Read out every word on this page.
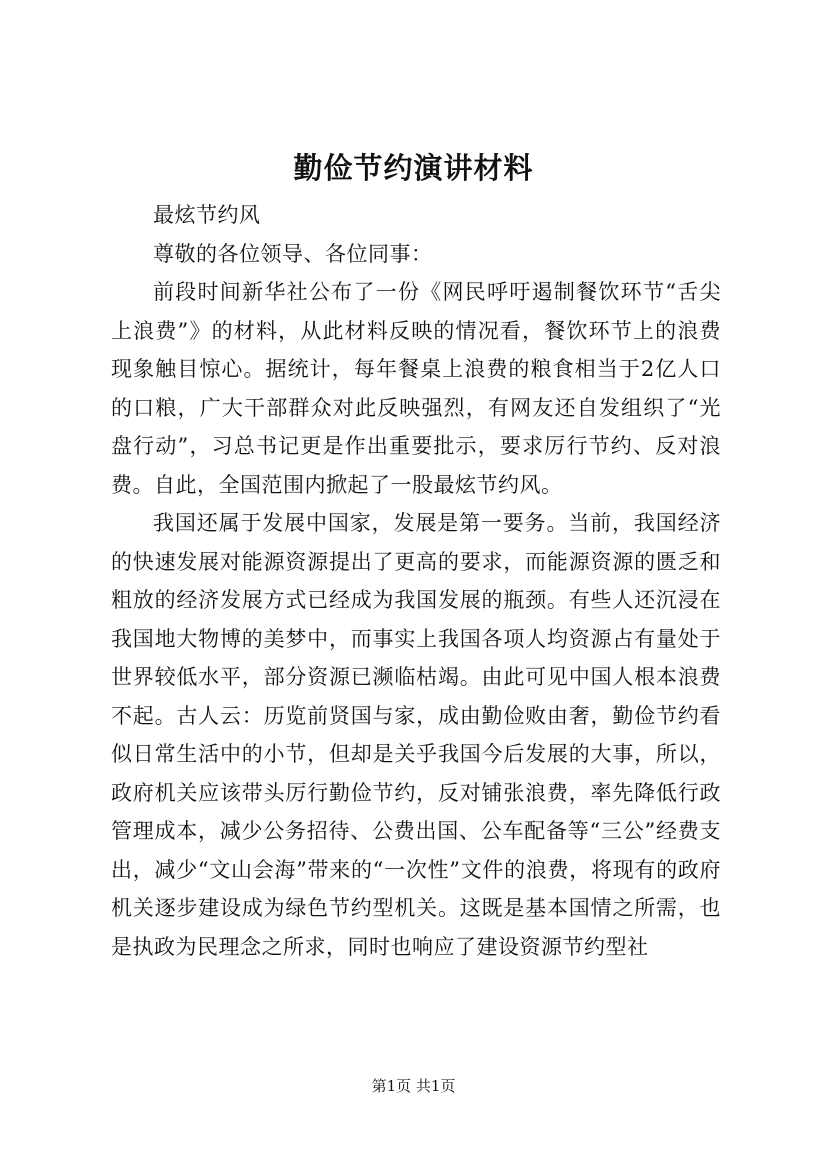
勤俭节约演讲材料

最炫节约风

尊敬的各位领导、各位同事：

前段时间新华社公布了一份《网民呼吁遏制餐饮环节“舌尖上浪费”》的材料，从此材料反映的情况看，餐饮环节上的浪费现象触目惊心。据统计，每年餐桌上浪费的粮食相当于2亿人口的口粮，广大干部群众对此反映强烈，有网友还自发组织了“光盘行动”，习总书记更是作出重要批示，要求厉行节约、反对浪费。自此，全国范围内掀起了一股最炫节约风。

我国还属于发展中国家，发展是第一要务。当前，我国经济的快速发展对能源资源提出了更高的要求，而能源资源的匮乏和粗放的经济发展方式已经成为我国发展的瓶颈。有些人还沉浸在我国地大物博的美梦中，而事实上我国各项人均资源占有量处于世界较低水平，部分资源已濒临枯竭。由此可见中国人根本浪费不起。古人云：历览前贤国与家，成由勤俭败由奢，勤俭节约看似日常生活中的小节，但却是关乎我国今后发展的大事，所以，政府机关应该带头厉行勤俭节约，反对铺张浪费，率先降低行政管理成本，减少公务招待、公费出国、公车配备等“三公”经费支出，减少“文山会海”带来的“一次性”文件的浪费，将现有的政府机关逐步建设成为绿色节约型机关。这既是基本国情之所需，也是执政为民理念之所求，同时也响应了建设资源节约型社

第1页 共1页
